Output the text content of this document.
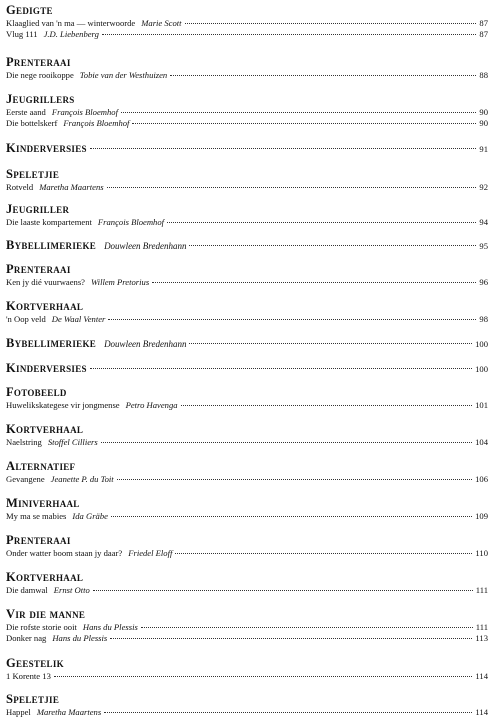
Gedigte
Klaaglied van 'n ma — winterwoorde Marie Scott	87
Vlug 111 J.D. Liebenberg	87
Prenteraai
Die nege rooikoppe Tobie van der Westhuizen	88
Jeugrillers
Eerste aand François Bloemhof	90
Die bottelskerf François Bloemhof	90
Kinderversies	91
Speletjie
Rotveld Maretha Maartens	92
Jeugriller
Die laaste kompartement François Bloemhof	94
Bybellimerieke Douwleen Bredenhann	95
Prenteraai
Ken jy dié vuurwaens? Willem Pretorius	96
Kortverhaal
'n Oop veld De Waal Venter	98
Bybellimerieke Douwleen Bredenhann	100
Kinderversies	100
Fotobeeld
Huwelikskategese vir jongmense Petro Havenga	101
Kortverhaal
Naelstring Stoffel Cilliers	104
Alternatief
Gevangene Jeanette P. du Toit	106
Miniverhaal
My ma se mabies Ida Gräbe	109
Prenteraai
Onder watter boom staan jy daar? Friedel Eloff	110
Kortverhaal
Die damwal Ernst Otto	111
Vir die manne
Die rofste storie ooit Hans du Plessis	111
Donker nag Hans du Plessis	113
Geestelik
1 Korente 13	114
Speletjie
Happel Maretha Maartens	114
